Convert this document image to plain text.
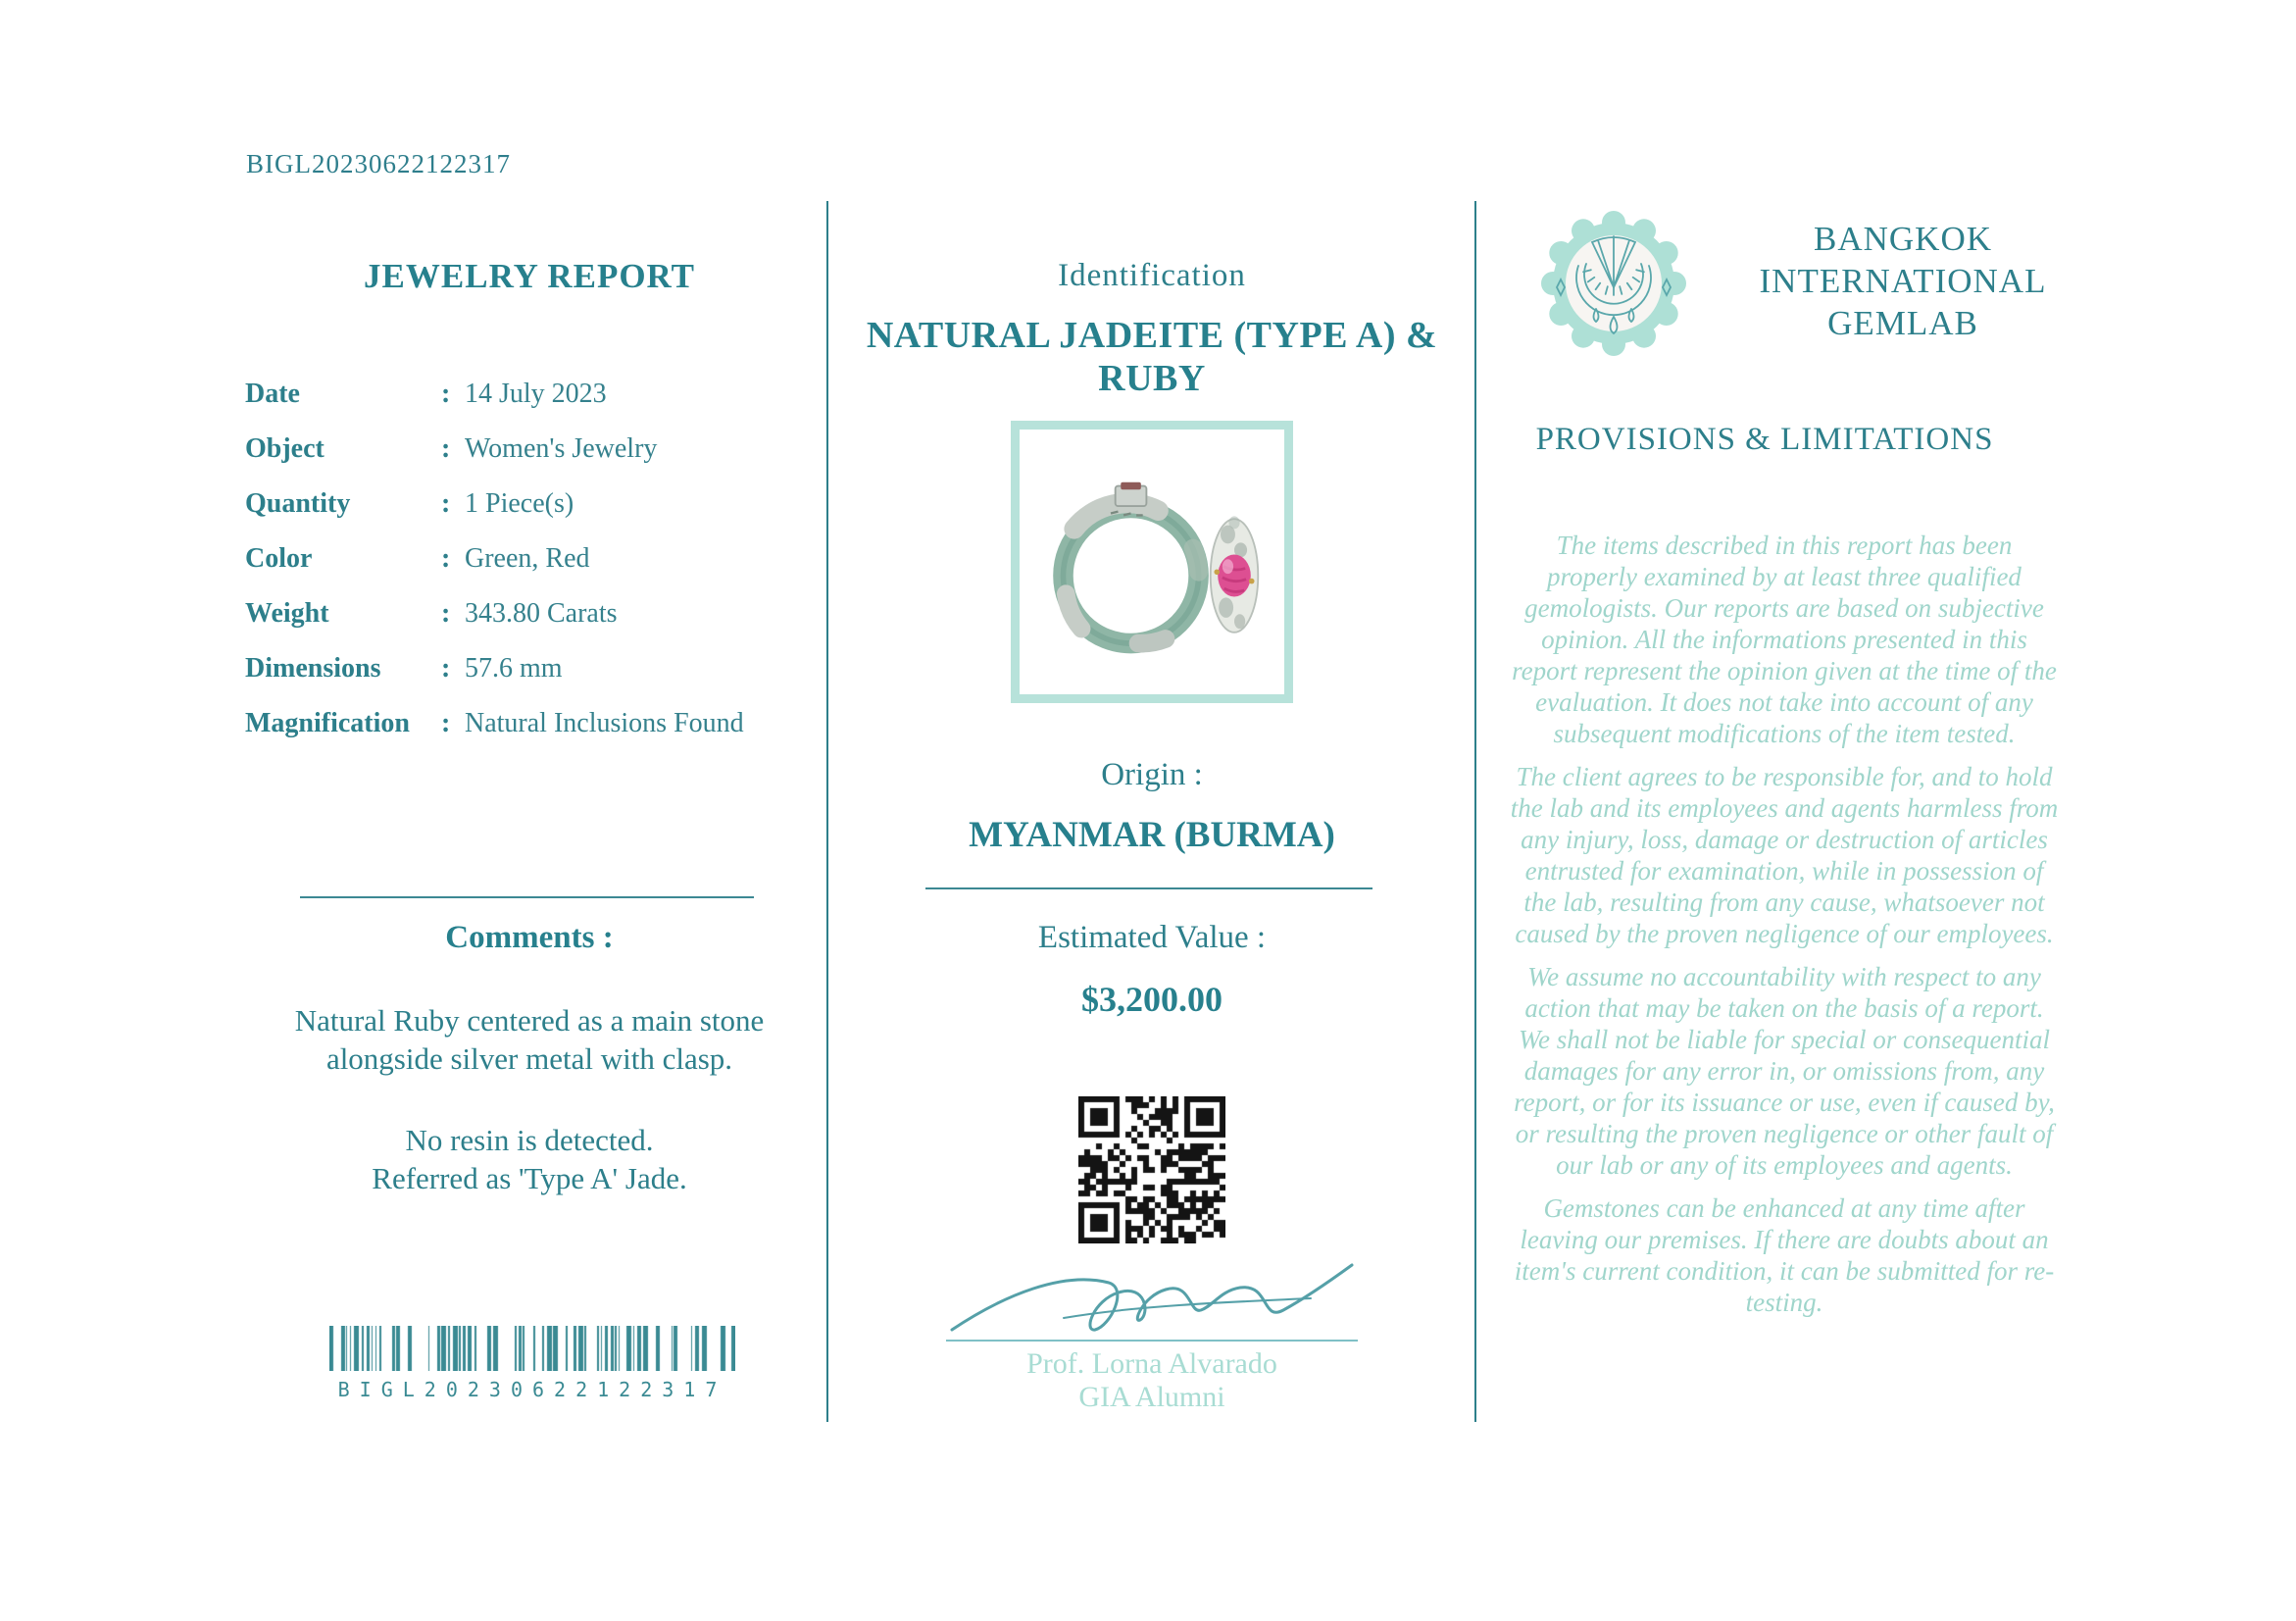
BIGL20230622122317
JEWELRY REPORT
Date	: 14 July 2023
Object	: Women's Jewelry
Quantity	: 1 Piece(s)
Color	: Green, Red
Weight	: 343.80 Carats
Dimensions	: 57.6 mm
Magnification	: Natural Inclusions Found
Comments :

Natural Ruby centered as a main stone alongside silver metal with clasp.

No resin is detected.

Referred as 'Type A' Jade.

BIGL20230622122317
Identification
NATURAL JADEITE (TYPE A) & RUBY
Origin :
MYANMAR (BURMA)
Estimated Value :
$3,200.00
Prof. Lorna Alvarado
GIA Alumni
BANGKOK INTERNATIONAL GEMLAB
PROVISIONS & LIMITATIONS

The items described in this report has been properly examined by at least three qualified gemologists. Our reports are based on subjective opinion. All the informations presented in this report represent the opinion given at the time of the evaluation. It does not take into account of any subsequent modifications of the item tested.

The client agrees to be responsible for, and to hold the lab and its employees and agents harmless from any injury, loss, damage or destruction of articles entrusted for examination, while in possession of the lab, resulting from any cause, whatsoever not caused by the proven negligence of our employees.

We assume no accountability with respect to any action that may be taken on the basis of a report. We shall not be liable for special or consequential damages for any error in, or omissions from, any report, or for its issuance or use, even if caused by, or resulting the proven negligence or other fault of our lab or any of its employees and agents.

Gemstones can be enhanced at any time after leaving our premises. If there are doubts about an item's current condition, it can be submitted for re-testing.
